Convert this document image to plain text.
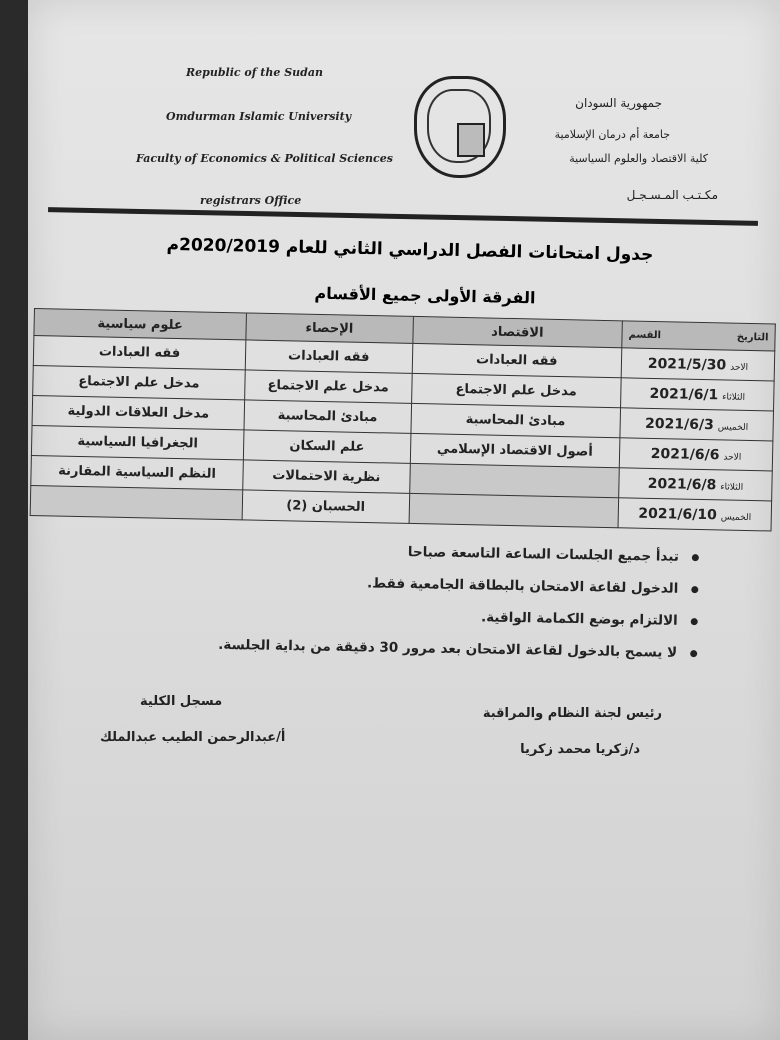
Republic of the Sudan
Omdurman Islamic University
Faculty of Economics & Political Sciences
registrars Office
جمهورية السودان
جامعة أم درمان الإسلامية
كلية الاقتصاد والعلوم السياسية
مكـتـب المـسـجـل
جدول امتحانات الفصل الدراسي الثاني للعام 2020/2019م
الفرقة الأولى جميع الأقسام
التاريخ
القسم	الاقتصاد	الإحصاء	علوم سياسية
الاحد2021/5/30	فقه العبادات	فقه العبادات	فقه العبادات
الثلاثاء2021/6/1	مدخل علم الاجتماع	مدخل علم الاجتماع	مدخل علم الاجتماع
الخميس2021/6/3	مبادئ المحاسبة	مبادئ المحاسبة	مدخل العلاقات الدولية
الاحد2021/6/6	أصول الاقتصاد الإسلامي	علم السكان	الجغرافيا السياسية
الثلاثاء2021/6/8		نظرية الاحتمالات	النظم السياسية المقارنة
الخميس2021/6/10		الحسبان (2)	
تبدأ جميع الجلسات الساعة التاسعة صباحا
الدخول لقاعة الامتحان بالبطاقة الجامعية فقط.
الالتزام بوضع الكمامة الواقية.
لا يسمح بالدخول لقاعة الامتحان بعد مرور 30 دقيقة من بداية الجلسة.
رئيس لجنة النظام والمراقبة
د/زكريا محمد زكريا
مسجل الكلية
أ/عبدالرحمن الطيب عبدالملك
